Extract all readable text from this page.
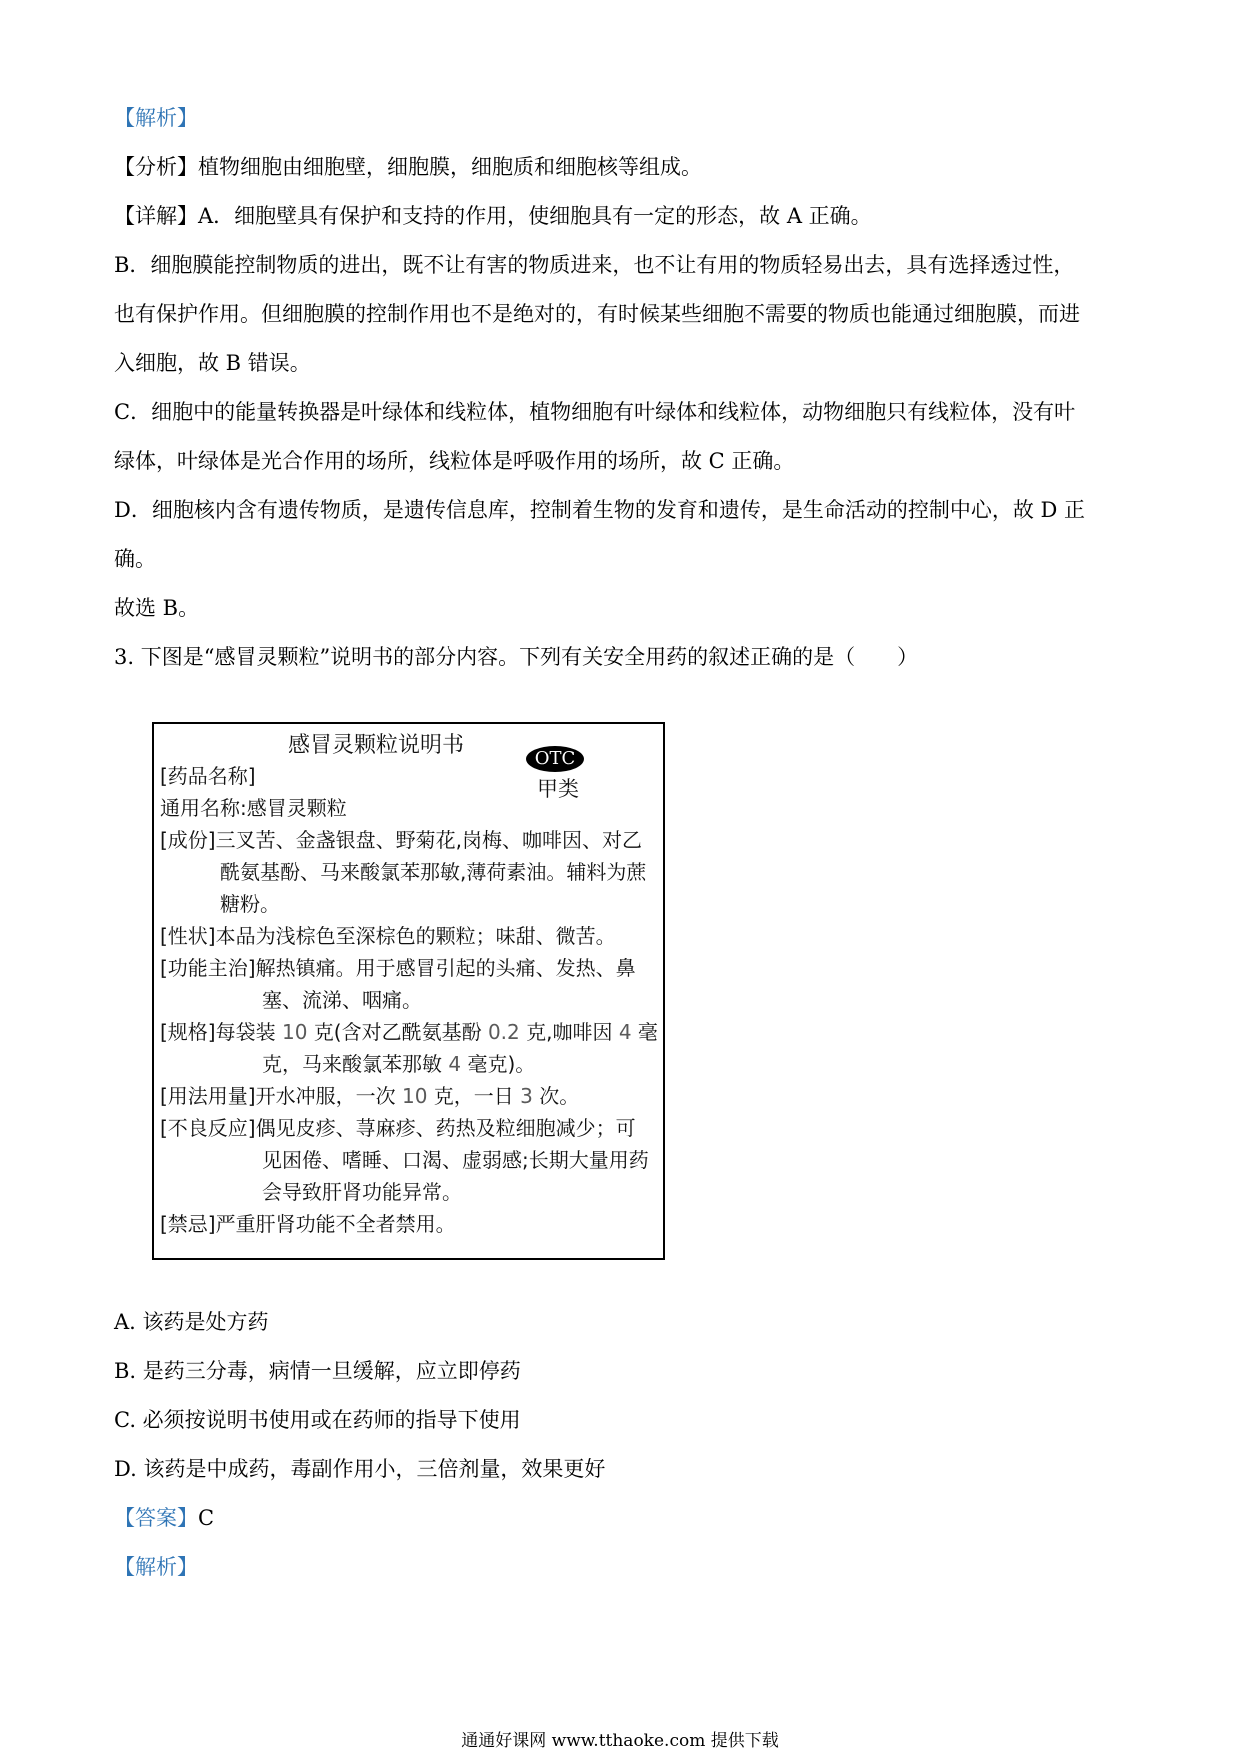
【解析】
【分析】植物细胞由细胞壁，细胞膜，细胞质和细胞核等组成。
【详解】A．细胞壁具有保护和支持的作用，使细胞具有一定的形态，故 A 正确。
B．细胞膜能控制物质的进出，既不让有害的物质进来，也不让有用的物质轻易出去，具有选择透过性，
也有保护作用。但细胞膜的控制作用也不是绝对的，有时候某些细胞不需要的物质也能通过细胞膜，而进
入细胞，故 B 错误。
C．细胞中的能量转换器是叶绿体和线粒体，植物细胞有叶绿体和线粒体，动物细胞只有线粒体，没有叶
绿体，叶绿体是光合作用的场所，线粒体是呼吸作用的场所，故 C 正确。
D．细胞核内含有遗传物质，是遗传信息库，控制着生物的发育和遗传，是生命活动的控制中心，故 D 正
确。
故选 B。
3. 下图是“感冒灵颗粒”说明书的部分内容。下列有关安全用药的叙述正确的是（　　）
感冒灵颗粒说明书
OTC
甲类
[药品名称]
通用名称:感冒灵颗粒
[成份]三叉苦、金盏银盘、野菊花,岗梅、咖啡因、对乙
酰氨基酚、马来酸氯苯那敏,薄荷素油。辅料为蔗
糖粉。
[性状]本品为浅棕色至深棕色的颗粒；味甜、微苦。
[功能主治]解热镇痛。用于感冒引起的头痛、发热、鼻
塞、流涕、咽痛。
[规格]每袋装 10 克(含对乙酰氨基酚 0.2 克,咖啡因 4 毫
克，马来酸氯苯那敏 4 毫克)。
[用法用量]开水冲服，一次 10 克，一日 3 次。
[不良反应]偶见皮疹、荨麻疹、药热及粒细胞减少；可
见困倦、嗜睡、口渴、虚弱感;长期大量用药
会导致肝肾功能异常。
[禁忌]严重肝肾功能不全者禁用。
A. 该药是处方药
B. 是药三分毒，病情一旦缓解，应立即停药
C. 必须按说明书使用或在药师的指导下使用
D. 该药是中成药，毒副作用小，三倍剂量，效果更好
【答案】C
【解析】
通通好课网 www.tthaoke.com 提供下载
